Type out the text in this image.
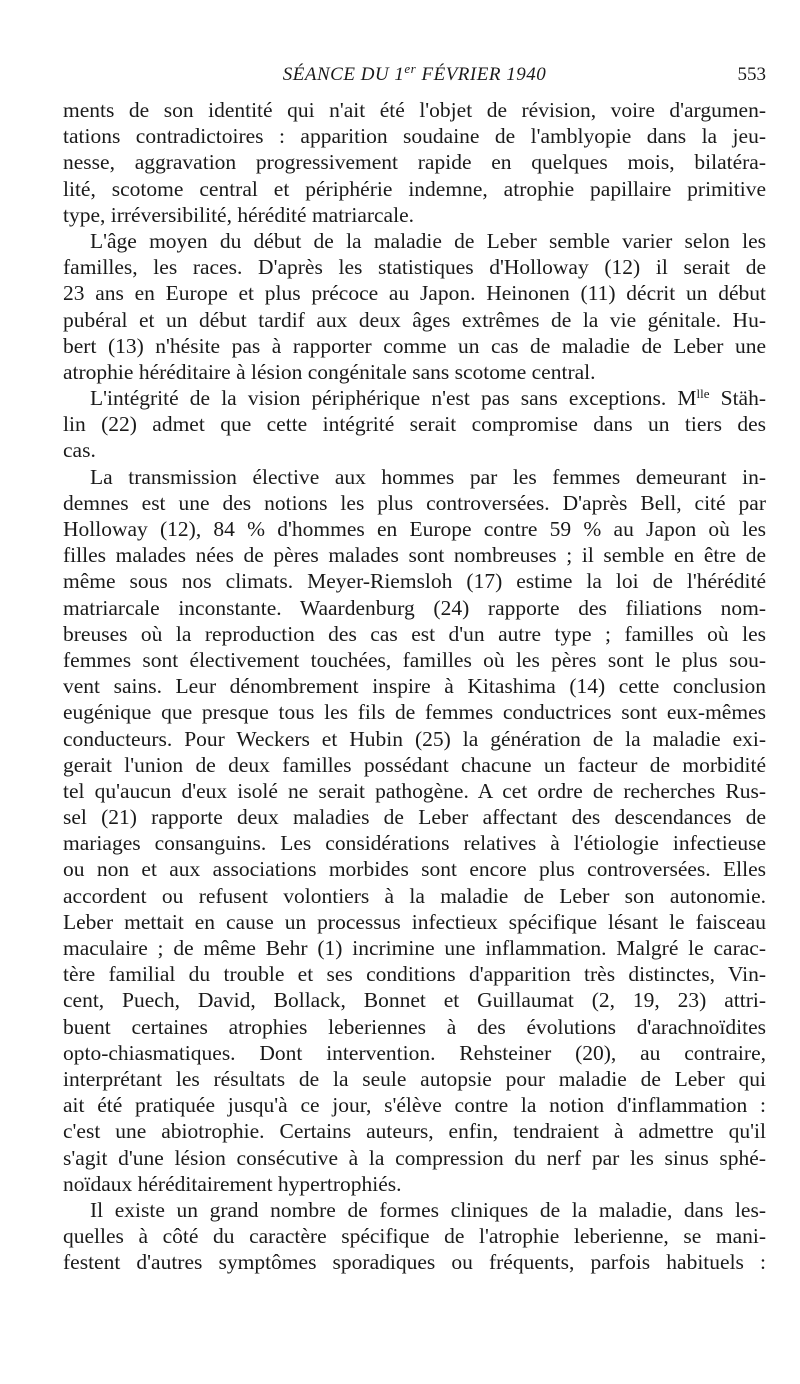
SÉANCE DU 1er FÉVRIER 1940	553
ments de son identité qui n'ait été l'objet de révision, voire d'argumen-
tations contradictoires : apparition soudaine de l'amblyopie dans la jeu-
nesse, aggravation progressivement rapide en quelques mois, bilatéra-
lité, scotome central et périphérie indemne, atrophie papillaire primitive
type, irréversibilité, hérédité matriarcale.
L'âge moyen du début de la maladie de Leber semble varier selon les
familles, les races. D'après les statistiques d'Holloway (12) il serait de
23 ans en Europe et plus précoce au Japon. Heinonen (11) décrit un début
pubéral et un début tardif aux deux âges extrêmes de la vie génitale. Hu-
bert (13) n'hésite pas à rapporter comme un cas de maladie de Leber une
atrophie héréditaire à lésion congénitale sans scotome central.
L'intégrité de la vision périphérique n'est pas sans exceptions. $M^{lle}$ Stäh-
lin (22) admet que cette intégrité serait compromise dans un tiers des
cas.
La transmission élective aux hommes par les femmes demeurant in-
demnes est une des notions les plus controversées. D'après Bell, cité par
Holloway (12), 84 % d'hommes en Europe contre 59 % au Japon où les
filles malades nées de pères malades sont nombreuses ; il semble en être de
même sous nos climats. Meyer-Riemsloh (17) estime la loi de l'hérédité
matriarcale inconstante. Waardenburg (24) rapporte des filiations nom-
breuses où la reproduction des cas est d'un autre type ; familles où les
femmes sont électivement touchées, familles où les pères sont le plus sou-
vent sains. Leur dénombrement inspire à Kitashima (14) cette conclusion
eugénique que presque tous les fils de femmes conductrices sont eux-mêmes
conducteurs. Pour Weckers et Hubin (25) la génération de la maladie exi-
gerait l'union de deux familles possédant chacune un facteur de morbidité
tel qu'aucun d'eux isolé ne serait pathogène. A cet ordre de recherches Rus-
sel (21) rapporte deux maladies de Leber affectant des descendances de
mariages consanguins. Les considérations relatives à l'étiologie infectieuse
ou non et aux associations morbides sont encore plus controversées. Elles
accordent ou refusent volontiers à la maladie de Leber son autonomie.
Leber mettait en cause un processus infectieux spécifique lésant le faisceau
maculaire ; de même Behr (1) incrimine une inflammation. Malgré le carac-
tère familial du trouble et ses conditions d'apparition très distinctes, Vin-
cent, Puech, David, Bollack, Bonnet et Guillaumat (2, 19, 23) attri-
buent certaines atrophies leberiennes à des évolutions d'arachnoïdites
opto-chiasmatiques. Dont intervention. Rehsteiner (20), au contraire,
interprétant les résultats de la seule autopsie pour maladie de Leber qui
ait été pratiquée jusqu'à ce jour, s'élève contre la notion d'inflammation :
c'est une abiotrophie. Certains auteurs, enfin, tendraient à admettre qu'il
s'agit d'une lésion consécutive à la compression du nerf par les sinus sphé-
noïdaux héréditairement hypertrophiés.
Il existe un grand nombre de formes cliniques de la maladie, dans les-
quelles à côté du caractère spécifique de l'atrophie leberienne, se mani-
festent d'autres symptômes sporadiques ou fréquents, parfois habituels :
